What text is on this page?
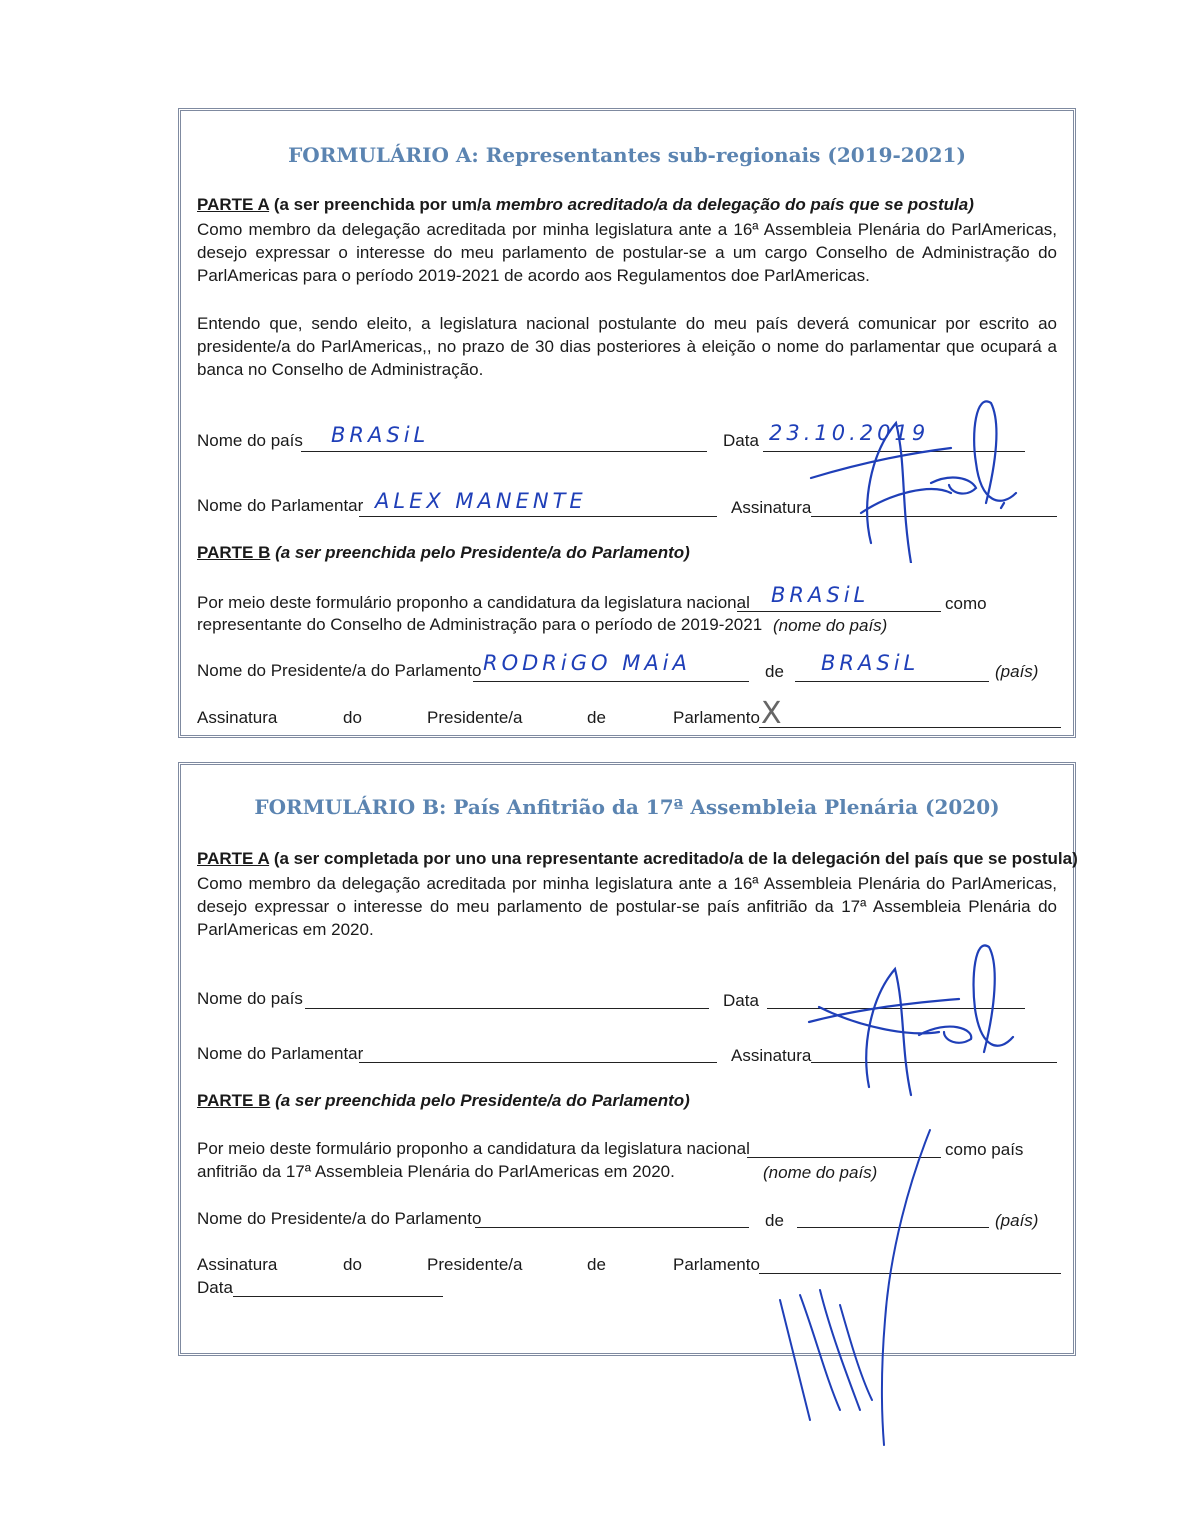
FORMULÁRIO A: Representantes sub-regionais (2019-2021)
PARTE A (a ser preenchida por um/a membro acreditado/a da delegação do país que se postula)
Como membro da delegação acreditada por minha legislatura ante a 16ª Assembleia Plenária do ParlAmericas, desejo expressar o interesse do meu parlamento de postular-se a um cargo Conselho de Administração do ParlAmericas para o período 2019-2021 de acordo aos Regulamentos doe ParlAmericas.
Entendo que, sendo eleito, a legislatura nacional postulante do meu país deverá comunicar por escrito ao presidente/a do ParlAmericas,, no prazo de 30 dias posteriores à eleição o nome do parlamentar que ocupará a banca no Conselho de Administração.
Nome do país BRASiL	Data 23.10.2019
Nome do Parlamentar ALEX MANENTE	Assinatura
PARTE B (a ser preenchida pelo Presidente/a do Parlamento)
Por meio deste formulário proponho a candidatura da legislatura nacional BRASiL	como
representante do Conselho de Administração para o período de 2019-2021 (nome do país)
Nome do Presidente/a do Parlamento RODRiGO MAiA	de BRASiL	(país)
Assinatura	do	Presidente/a	de	Parlamento X
FORMULÁRIO B: País Anfitrião da 17ª Assembleia Plenária (2020)
PARTE A (a ser completada por uno una representante acreditado/a de la delegación del país que se postula)
Como membro da delegação acreditada por minha legislatura ante a 16ª Assembleia Plenária do ParlAmericas, desejo expressar o interesse do meu parlamento de postular-se país anfitrião da 17ª Assembleia Plenária do ParlAmericas em 2020.
Nome do país	Data
Nome do Parlamentar	Assinatura
PARTE B (a ser preenchida pelo Presidente/a do Parlamento)
Por meio deste formulário proponho a candidatura da legislatura nacional	como país
anfitrião da 17ª Assembleia Plenária do ParlAmericas em 2020.	(nome do país)
Nome do Presidente/a do Parlamento	de	(país)
Assinatura	do	Presidente/a	de	Parlamento
Data
